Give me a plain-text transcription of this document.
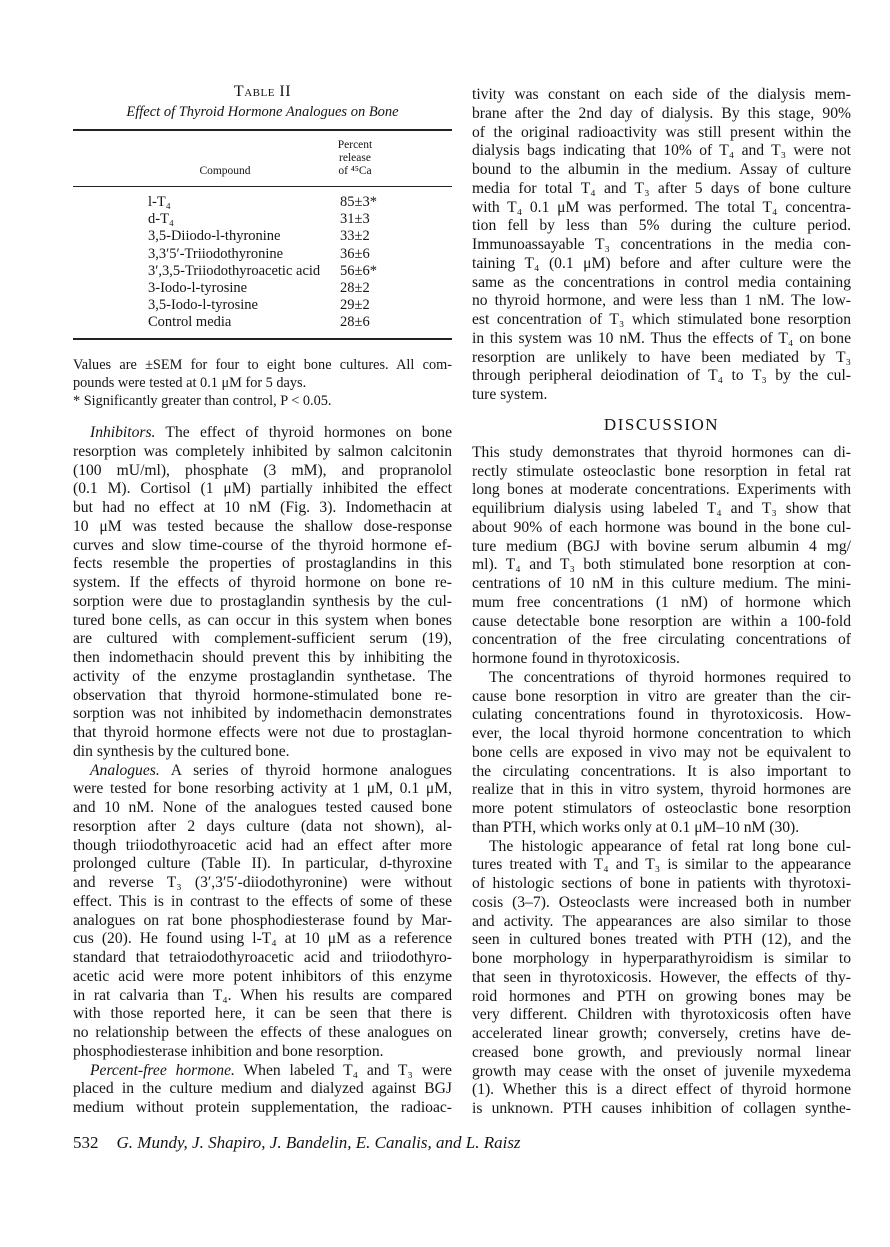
Table II
Effect of Thyroid Hormone Analogues on Bone
Compound
Percent
release
of ⁴⁵Ca
l-T₄	85±3*
d-T₄	31±3
3,5-Diiodo-l-thyronine	33±2
3,3′5′-Triiodothyronine	36±6
3′,3,5-Triiodothyroacetic acid 56±6*
3-Iodo-l-tyrosine	28±2
3,5-Iodo-l-tyrosine	29±2
Control media	28±6
Values are ±SEM for four to eight bone cultures. All com-
pounds were tested at 0.1 μM for 5 days.
* Significantly greater than control, P < 0.05.
Inhibitors. The effect of thyroid hormones on bone
resorption was completely inhibited by salmon calcitonin
(100 mU/ml), phosphate (3 mM), and propranolol
(0.1 M). Cortisol (1 μM) partially inhibited the effect
but had no effect at 10 nM (Fig. 3). Indomethacin at
10 μM was tested because the shallow dose-response
curves and slow time-course of the thyroid hormone ef-
fects resemble the properties of prostaglandins in this
system. If the effects of thyroid hormone on bone re-
sorption were due to prostaglandin synthesis by the cul-
tured bone cells, as can occur in this system when bones
are cultured with complement-sufficient serum (19),
then indomethacin should prevent this by inhibiting the
activity of the enzyme prostaglandin synthetase. The
observation that thyroid hormone-stimulated bone re-
sorption was not inhibited by indomethacin demonstrates
that thyroid hormone effects were not due to prostaglan-
din synthesis by the cultured bone.
Analogues. A series of thyroid hormone analogues
were tested for bone resorbing activity at 1 μM, 0.1 μM,
and 10 nM. None of the analogues tested caused bone
resorption after 2 days culture (data not shown), al-
though triiodothyroacetic acid had an effect after more
prolonged culture (Table II). In particular, d-thyroxine
and reverse T₃ (3′,3′5′-diiodothyronine) were without
effect. This is in contrast to the effects of some of these
analogues on rat bone phosphodiesterase found by Mar-
cus (20). He found using l-T₄ at 10 μM as a reference
standard that tetraiodothyroacetic acid and triiodothyro-
acetic acid were more potent inhibitors of this enzyme
in rat calvaria than T₄. When his results are compared
with those reported here, it can be seen that there is
no relationship between the effects of these analogues on
phosphodiesterase inhibition and bone resorption.
Percent-free hormone. When labeled T₄ and T₃ were
placed in the culture medium and dialyzed against BGJ
medium without protein supplementation, the radioac-
tivity was constant on each side of the dialysis mem-
brane after the 2nd day of dialysis. By this stage, 90%
of the original radioactivity was still present within the
dialysis bags indicating that 10% of T₄ and T₃ were not
bound to the albumin in the medium. Assay of culture
media for total T₄ and T₃ after 5 days of bone culture
with T₄ 0.1 μM was performed. The total T₄ concentra-
tion fell by less than 5% during the culture period.
Immunoassayable T₃ concentrations in the media con-
taining T₄ (0.1 μM) before and after culture were the
same as the concentrations in control media containing
no thyroid hormone, and were less than 1 nM. The low-
est concentration of T₃ which stimulated bone resorption
in this system was 10 nM. Thus the effects of T₄ on bone
resorption are unlikely to have been mediated by T₃
through peripheral deiodination of T₄ to T₃ by the cul-
ture system.
DISCUSSION
This study demonstrates that thyroid hormones can di-
rectly stimulate osteoclastic bone resorption in fetal rat
long bones at moderate concentrations. Experiments with
equilibrium dialysis using labeled T₄ and T₃ show that
about 90% of each hormone was bound in the bone cul-
ture medium (BGJ with bovine serum albumin 4 mg/
ml). T₄ and T₃ both stimulated bone resorption at con-
centrations of 10 nM in this culture medium. The mini-
mum free concentrations (1 nM) of hormone which
cause detectable bone resorption are within a 100-fold
concentration of the free circulating concentrations of
hormone found in thyrotoxicosis.
The concentrations of thyroid hormones required to
cause bone resorption in vitro are greater than the cir-
culating concentrations found in thyrotoxicosis. How-
ever, the local thyroid hormone concentration to which
bone cells are exposed in vivo may not be equivalent to
the circulating concentrations. It is also important to
realize that in this in vitro system, thyroid hormones are
more potent stimulators of osteoclastic bone resorption
than PTH, which works only at 0.1 μM–10 nM (30).
The histologic appearance of fetal rat long bone cul-
tures treated with T₄ and T₃ is similar to the appearance
of histologic sections of bone in patients with thyrotoxi-
cosis (3–7). Osteoclasts were increased both in number
and activity. The appearances are also similar to those
seen in cultured bones treated with PTH (12), and the
bone morphology in hyperparathyroidism is similar to
that seen in thyrotoxicosis. However, the effects of thy-
roid hormones and PTH on growing bones may be
very different. Children with thyrotoxicosis often have
accelerated linear growth; conversely, cretins have de-
creased bone growth, and previously normal linear
growth may cease with the onset of juvenile myxedema
(1). Whether this is a direct effect of thyroid hormone
is unknown. PTH causes inhibition of collagen synthe-
532 G. Mundy, J. Shapiro, J. Bandelin, E. Canalis, and L. Raisz
